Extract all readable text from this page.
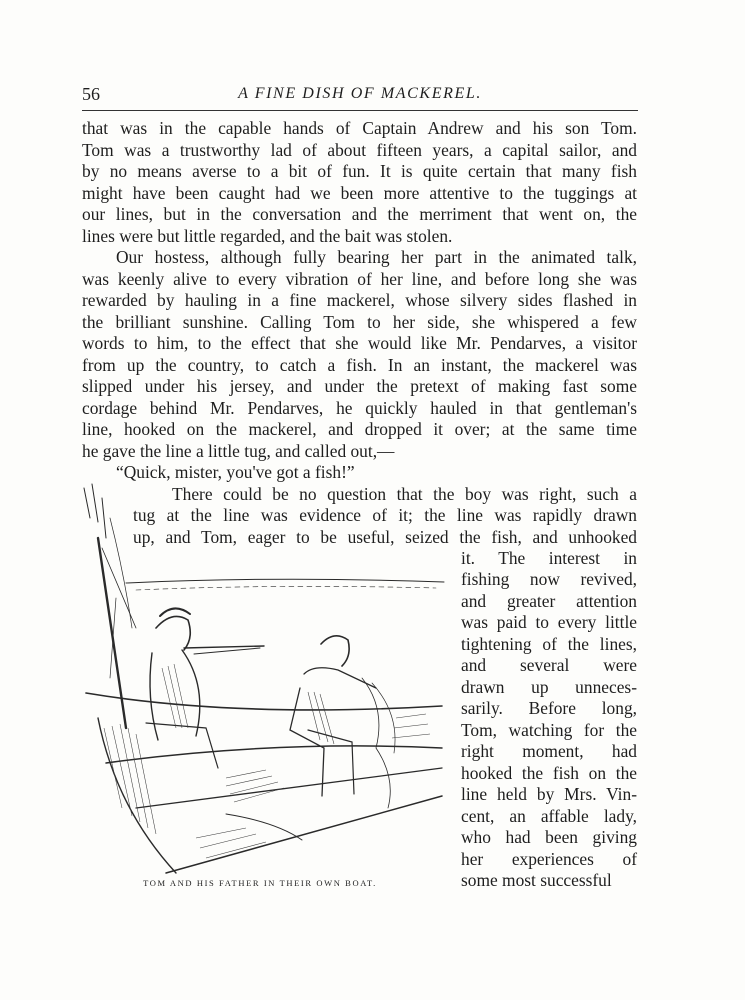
56	A FINE DISH OF MACKEREL.
that was in the capable hands of Captain Andrew and his son Tom.
Tom was a trustworthy lad of about fifteen years, a capital sailor, and
by no means averse to a bit of fun. It is quite certain that many fish
might have been caught had we been more attentive to the tuggings at
our lines, but in the conversation and the merriment that went on, the
lines were but little regarded, and the bait was stolen.
Our hostess, although fully bearing her part in the animated talk,
was keenly alive to every vibration of her line, and before long she was
rewarded by hauling in a fine mackerel, whose silvery sides flashed in
the brilliant sunshine. Calling Tom to her side, she whispered a few
words to him, to the effect that she would like Mr. Pendarves, a visitor
from up the country, to catch a fish. In an instant, the mackerel was
slipped under his jersey, and under the pretext of making fast some
cordage behind Mr. Pendarves, he quickly hauled in that gentleman's
line, hooked on the mackerel, and dropped it over; at the same time
he gave the line a little tug, and called out,—
“Quick, mister, you've got a fish!”
There could be no question that the boy was right, such a
tug at the line was evidence of it; the line was rapidly drawn
up, and Tom, eager to be useful, seized the fish, and unhooked
it. The interest in
fishing now revived,
and greater attention
was paid to every little
tightening of the lines,
and several were
drawn up unneces-
sarily. Before long,
Tom, watching for the
right moment, had
hooked the fish on the
line held by Mrs. Vin-
cent, an affable lady,
who had been giving
her experiences of
some most successful
TOM AND HIS FATHER IN THEIR OWN BOAT.
